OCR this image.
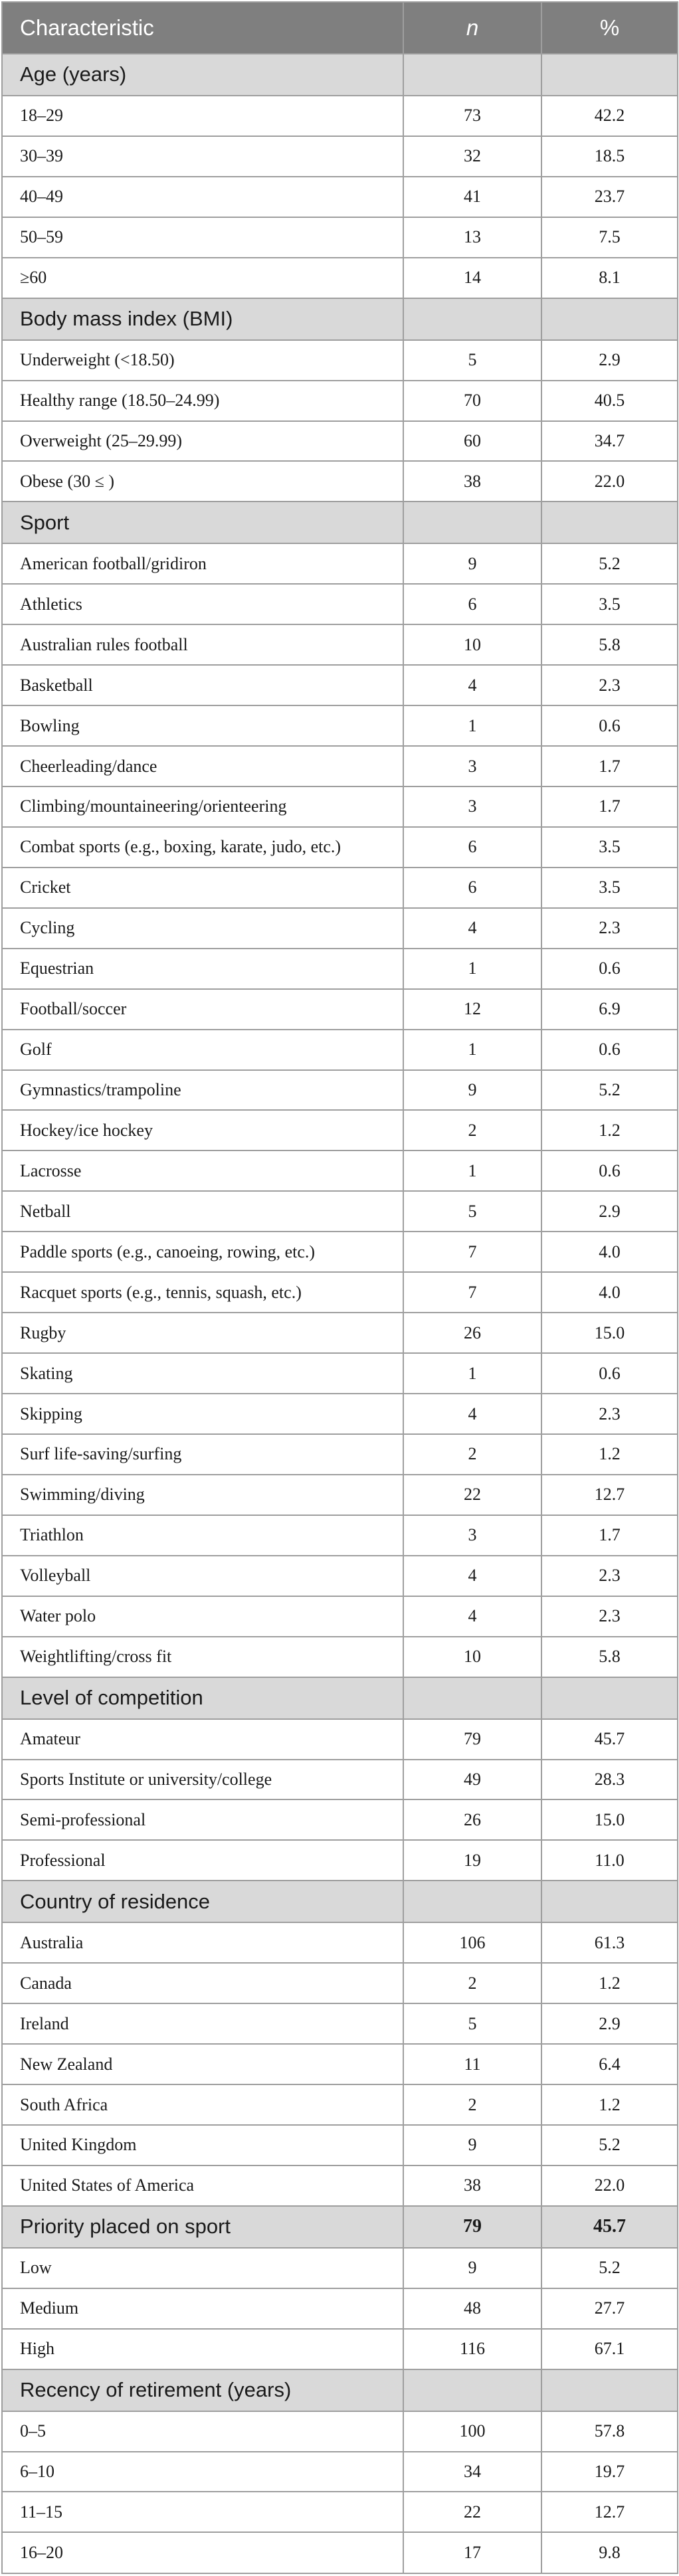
Characteristic	n	%
Age (years)		
18–29	73	42.2
30–39	32	18.5
40–49	41	23.7
50–59	13	7.5
≥60	14	8.1
Body mass index (BMI)		
Underweight (<18.50)	5	2.9
Healthy range (18.50–24.99)	70	40.5
Overweight (25–29.99)	60	34.7
Obese (30 ≤ )	38	22.0
Sport		
American football/gridiron	9	5.2
Athletics	6	3.5
Australian rules football	10	5.8
Basketball	4	2.3
Bowling	1	0.6
Cheerleading/dance	3	1.7
Climbing/mountaineering/orienteering	3	1.7
Combat sports (e.g., boxing, karate, judo, etc.)	6	3.5
Cricket	6	3.5
Cycling	4	2.3
Equestrian	1	0.6
Football/soccer	12	6.9
Golf	1	0.6
Gymnastics/trampoline	9	5.2
Hockey/ice hockey	2	1.2
Lacrosse	1	0.6
Netball	5	2.9
Paddle sports (e.g., canoeing, rowing, etc.)	7	4.0
Racquet sports (e.g., tennis, squash, etc.)	7	4.0
Rugby	26	15.0
Skating	1	0.6
Skipping	4	2.3
Surf life-saving/surfing	2	1.2
Swimming/diving	22	12.7
Triathlon	3	1.7
Volleyball	4	2.3
Water polo	4	2.3
Weightlifting/cross fit	10	5.8
Level of competition		
Amateur	79	45.7
Sports Institute or university/college	49	28.3
Semi-professional	26	15.0
Professional	19	11.0
Country of residence		
Australia	106	61.3
Canada	2	1.2
Ireland	5	2.9
New Zealand	11	6.4
South Africa	2	1.2
United Kingdom	9	5.2
United States of America	38	22.0
Priority placed on sport	79	45.7
Low	9	5.2
Medium	48	27.7
High	116	67.1
Recency of retirement (years)		
0–5	100	57.8
6–10	34	19.7
11–15	22	12.7
16–20	17	9.8
